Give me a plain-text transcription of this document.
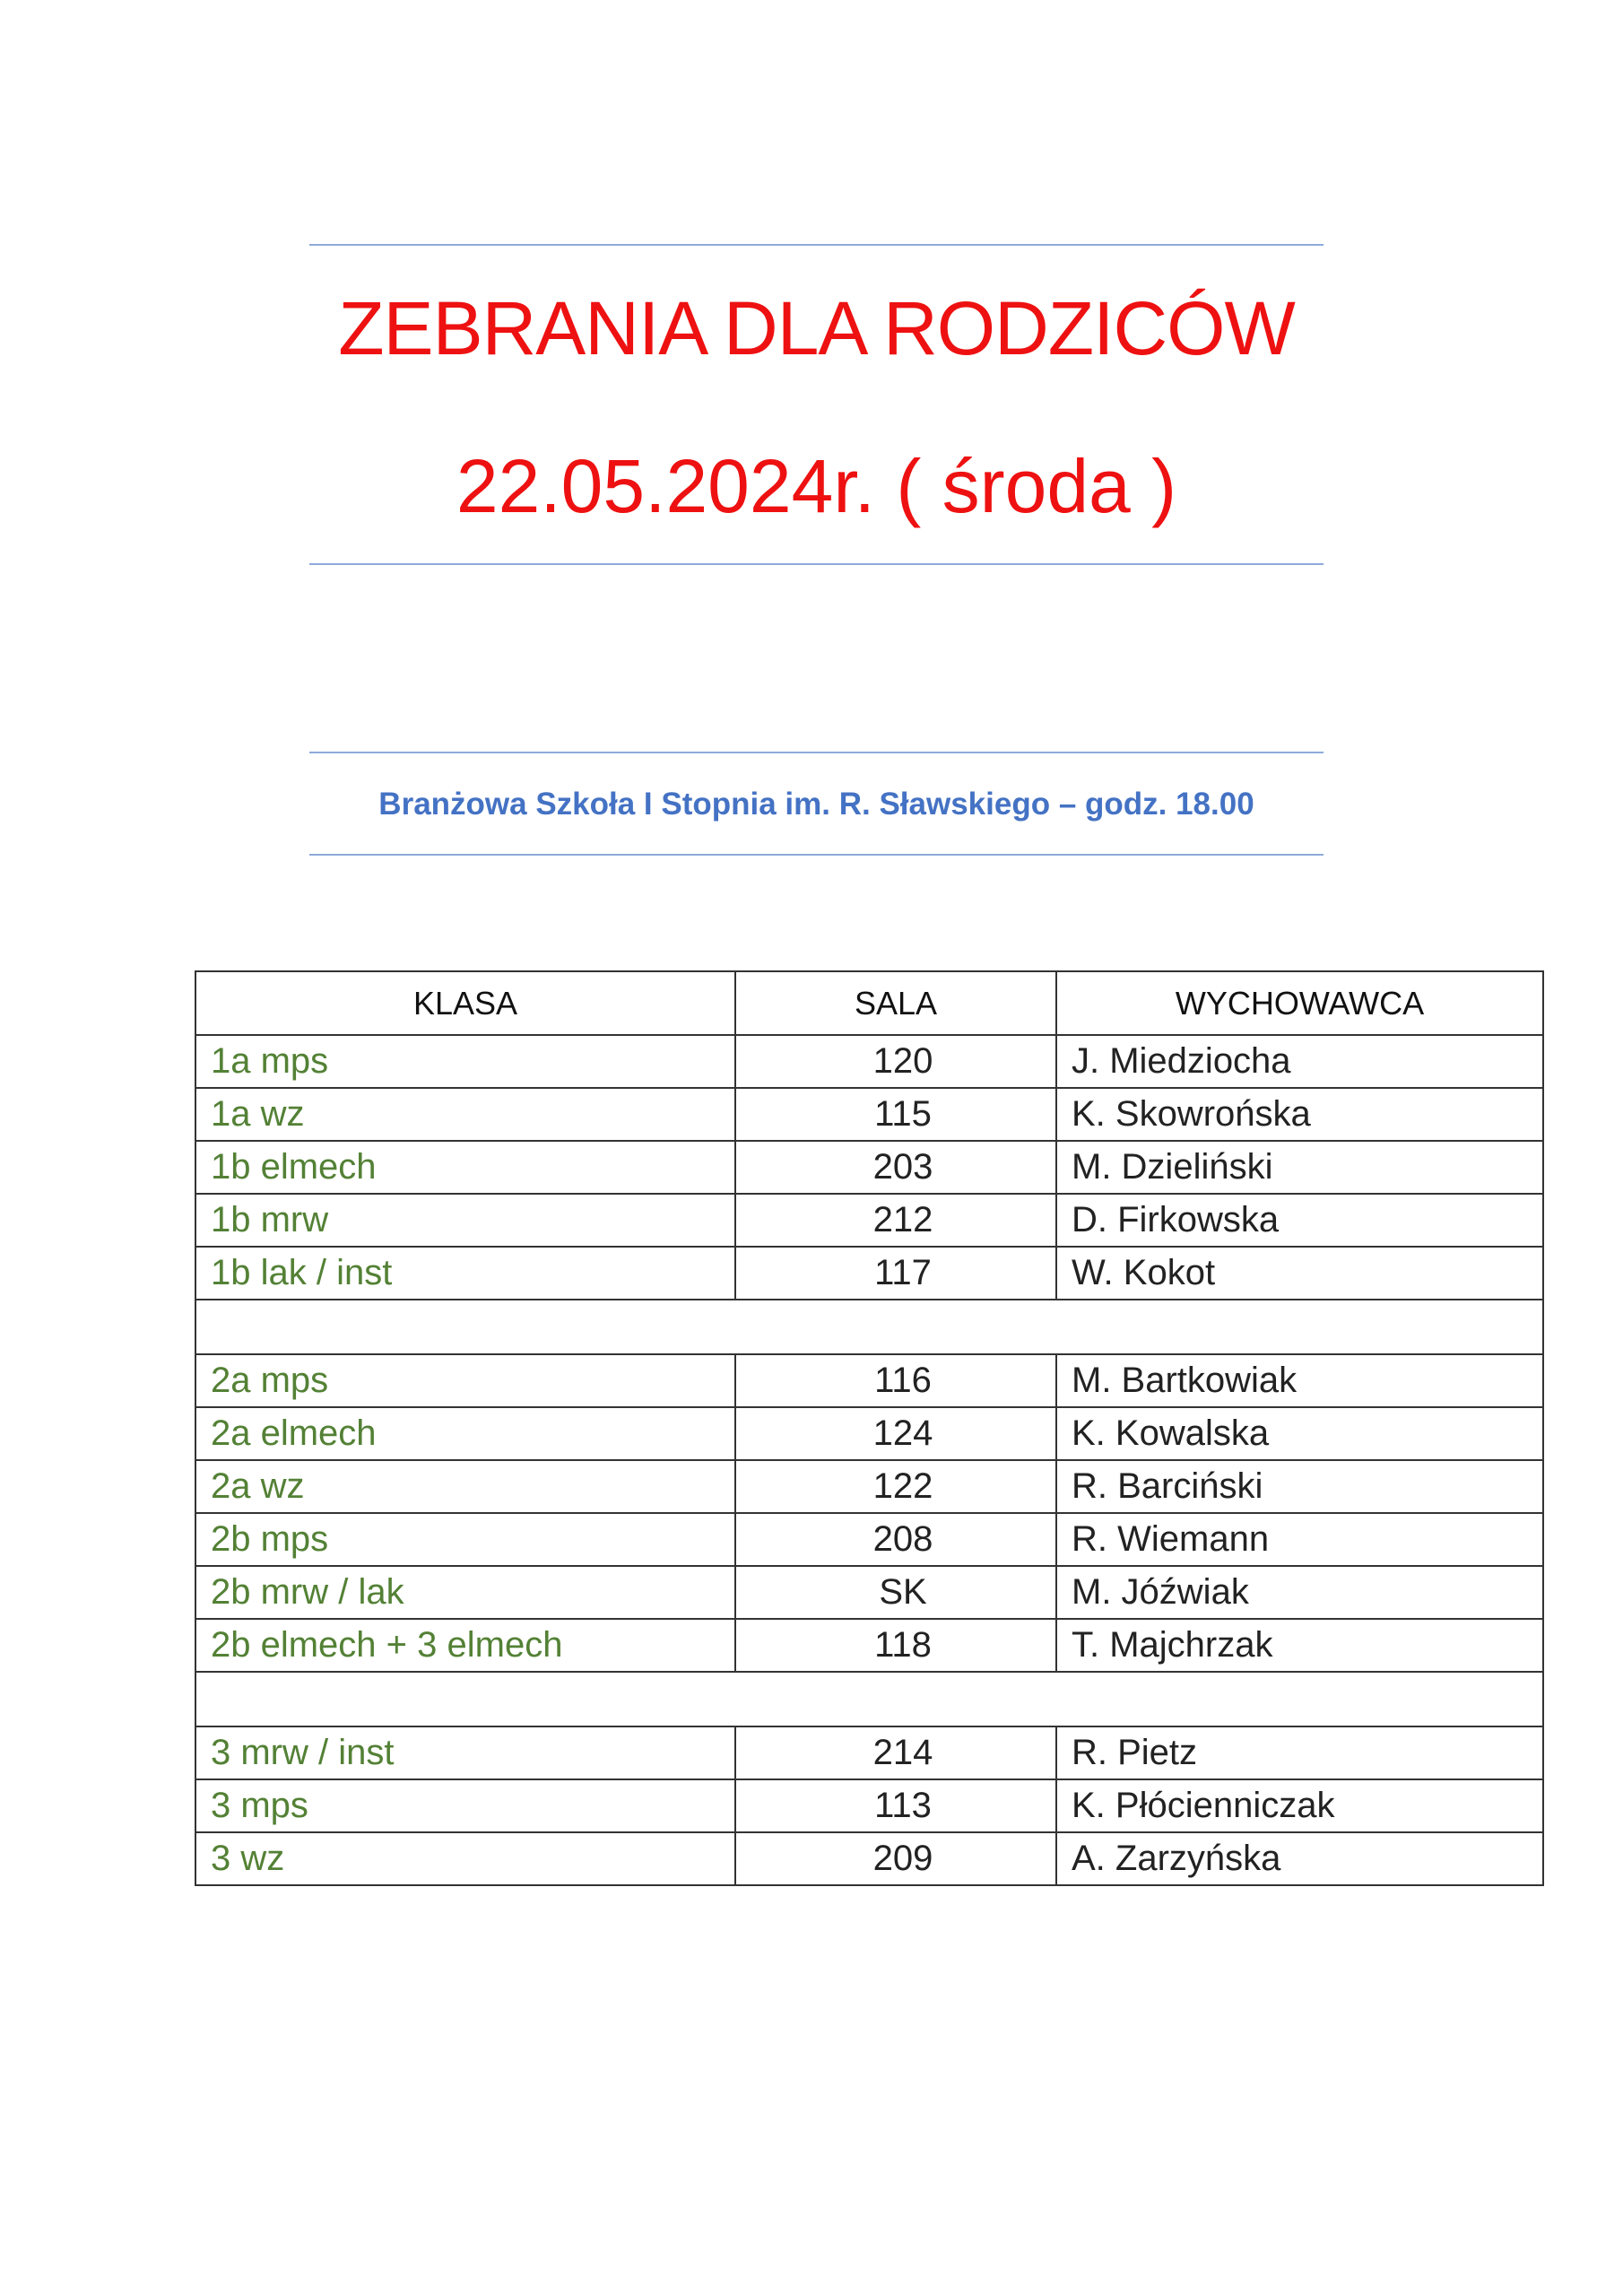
ZEBRANIA DLA RODZICÓW
22.05.2024r. ( środa )
Branżowa Szkoła I Stopnia im. R. Sławskiego – godz. 18.00
KLASA	SALA	WYCHOWAWCA
1a mps	120	J. Miedziocha
1a wz	115	K. Skowrońska
1b elmech	203	M. Dzieliński
1b mrw	212	D. Firkowska
1b lak / inst	117	W. Kokot

2a mps	116	M. Bartkowiak
2a elmech	124	K. Kowalska
2a wz	122	R. Barciński
2b mps	208	R. Wiemann
2b mrw / lak	SK	M. Jóźwiak
2b elmech + 3 elmech	118	T. Majchrzak

3 mrw / inst	214	R. Pietz
3 mps	113	K. Płócienniczak
3 wz	209	A. Zarzyńska
